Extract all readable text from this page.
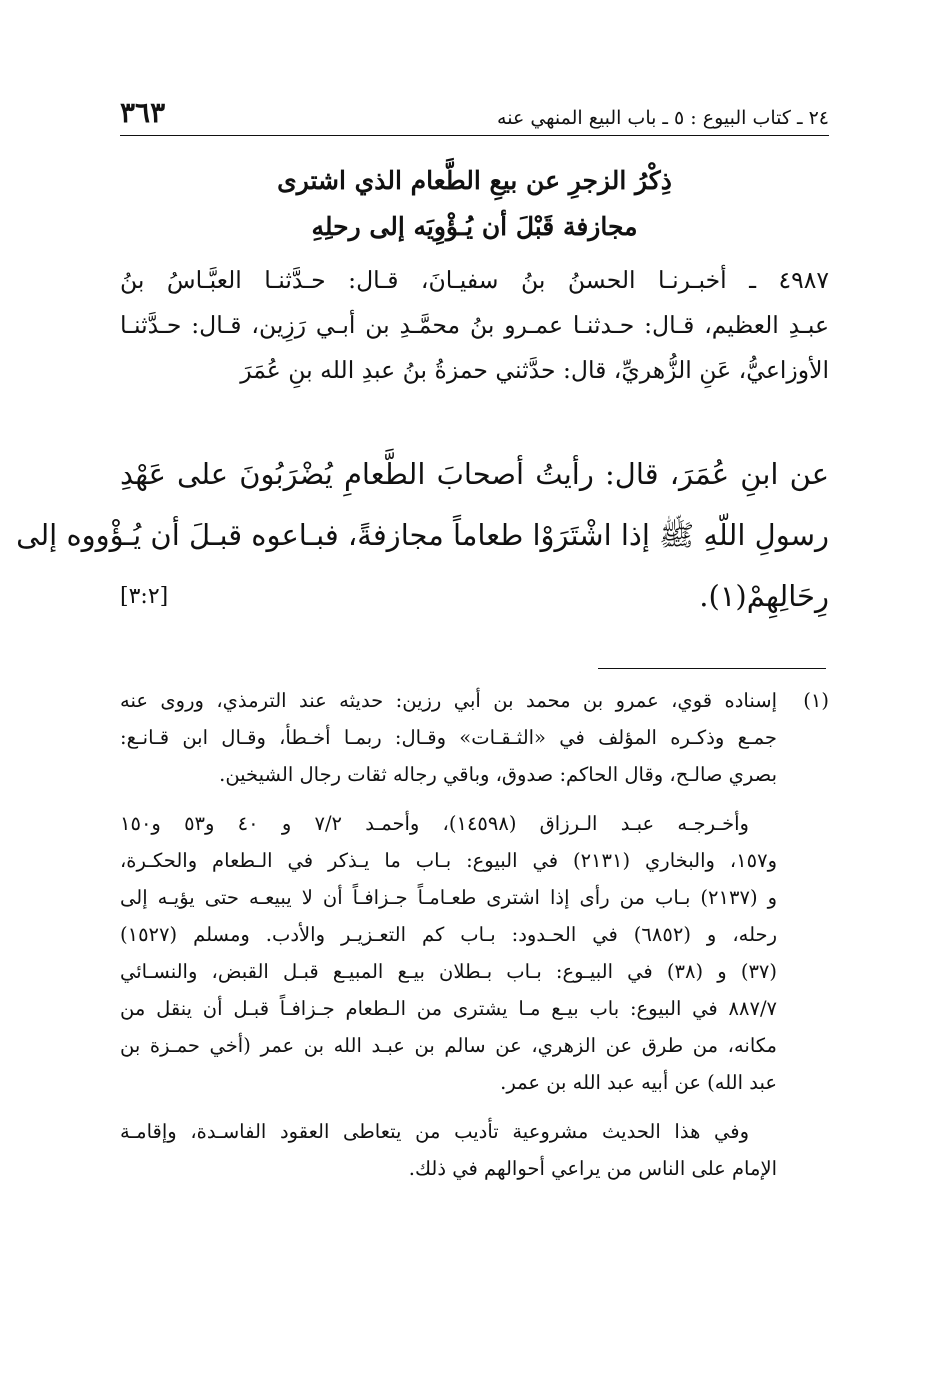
٢٤ ـ كتاب البيوع : ٥ ـ باب البيع المنهي عنه
٣٦٣
ذِكْرُ الزجرِ عن بيعِ الطَّعام الذي اشترى
مجازفة قَبْلَ أن يُـؤْوِيَه إلى رحلِهِ
٤٩٨٧ ـ أخبـرنـا الحسنُ بنُ سفيـانَ، قـال: حـدَّثنـا العبَّـاسُ بنُ
عبـدِ العظيم، قـال: حـدثنـا عمـرو بنُ محمَّـدِ بن أبـي رَزِين، قـال: حـدَّثنـا
الأوزاعيُّ، عَنِ الزُّهريِّ، قال: حدَّثني حمزةُ بنُ عبدِ الله بنِ عُمَرَ
عن ابنِ عُمَرَ، قال: رأيتُ أصحابَ الطَّعامِ يُضْرَبُونَ على عَهْدِ
رسولِ اللّهِ ﷺ إذا اشْتَرَوْا طعاماً مجازفةً، فبـاعوه قبـلَ أن يُـؤْووه إلى
رِحَالِهِمْ(١).
[٣:٢]
(١)
إسناده قوي، عمرو بن محمد بن أبي رزين: حديثه عند الترمذي، وروى عنه
جمـع وذكـره المؤلف في «الثـقـات» وقـال: ربمـا أخـطأ، وقـال ابن قـانـع:
بصري صالـح، وقال الحاكم: صدوق، وباقي رجاله ثقات رجال الشيخين.
وأخـرجـه عبـد الـرزاق (١٤٥٩٨)، وأحمـد ٧/٢ و ٤٠ و٥٣ و١٥٠
و١٥٧، والبخاري (٢١٣١) في البيوع: بـاب ما يـذكر في الـطعام والحكـرة،
و (٢١٣٧) بـاب من رأى إذا اشترى طعـامـاً جـزافـاً أن لا يبيعـه حتى يؤيـه إلى
رحله، و (٦٨٥٢) في الحـدود: بـاب كم التعـزيـر والأدب. ومسلم (١٥٢٧)
(٣٧) و (٣٨) في البيـوع: بـاب بـطلان بيـع المبيـع قبـل القبض، والنسـائي
٨٨٧/٧ في البيوع: باب بيـع مـا يشترى من الـطعام جـزافـاً قبـل أن ينقل من
مكانه، من طرق عن الزهري، عن سالم بن عبـد الله بن عمر (أخي حمـزة بن
عبد الله) عن أبيه عبد الله بن عمر.
وفي هذا الحديث مشروعية تأديب من يتعاطى العقود الفاسـدة، وإقامـة
الإمام على الناس من يراعي أحوالهم في ذلك.
